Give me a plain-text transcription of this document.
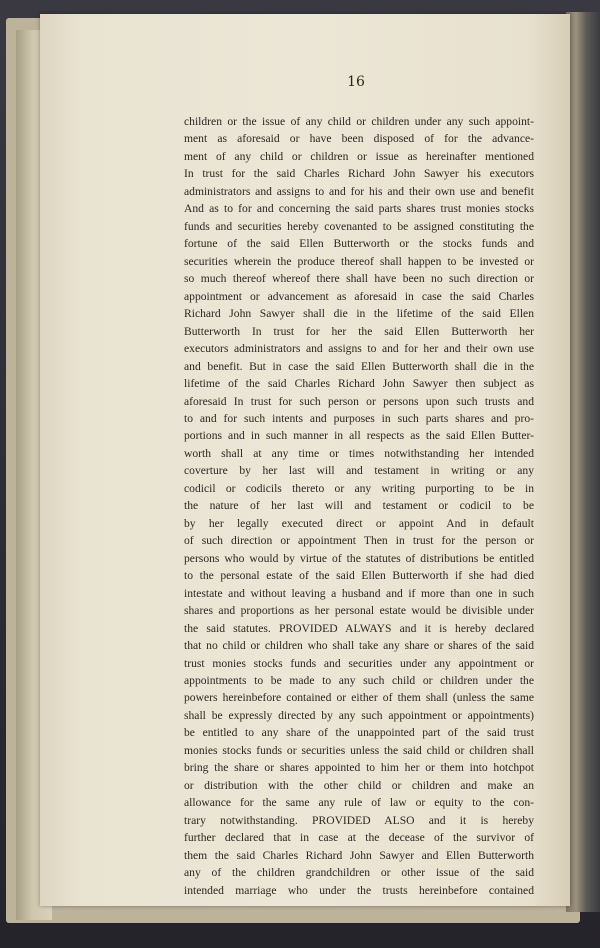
16
children or the issue of any child or children under any such appoint-
ment as aforesaid or have been disposed of for the advance-
ment of any child or children or issue as hereinafter mentioned
In trust for the said Charles Richard John Sawyer his executors
administrators and assigns to and for his and their own use and benefit
And as to for and concerning the said parts shares trust monies stocks
funds and securities hereby covenanted to be assigned constituting the
fortune of the said Ellen Butterworth or the stocks funds and
securities wherein the produce thereof shall happen to be invested or
so much thereof whereof there shall have been no such direction or
appointment or advancement as aforesaid in case the said Charles
Richard John Sawyer shall die in the lifetime of the said Ellen
Butterworth In trust for her the said Ellen Butterworth her
executors administrators and assigns to and for her and their own use
and benefit. But in case the said Ellen Butterworth shall die in the
lifetime of the said Charles Richard John Sawyer then subject as
aforesaid In trust for such person or persons upon such trusts and
to and for such intents and purposes in such parts shares and pro-
portions and in such manner in all respects as the said Ellen Butter-
worth shall at any time or times notwithstanding her intended
coverture by her last will and testament in writing or any
codicil or codicils thereto or any writing purporting to be in
the nature of her last will and testament or codicil to be
by her legally executed direct or appoint And in default
of such direction or appointment Then in trust for the person or
persons who would by virtue of the statutes of distributions be entitled
to the personal estate of the said Ellen Butterworth if she had died
intestate and without leaving a husband and if more than one in such
shares and proportions as her personal estate would be divisible under
the said statutes. PROVIDED ALWAYS and it is hereby declared
that no child or children who shall take any share or shares of the said
trust monies stocks funds and securities under any appointment or
appointments to be made to any such child or children under the
powers hereinbefore contained or either of them shall (unless the same
shall be expressly directed by any such appointment or appointments)
be entitled to any share of the unappointed part of the said trust
monies stocks funds or securities unless the said child or children shall
bring the share or shares appointed to him her or them into hotchpot
or distribution with the other child or children and make an
allowance for the same any rule of law or equity to the con-
trary notwithstanding. PROVIDED ALSO and it is hereby
further declared that in case at the decease of the survivor of
them the said Charles Richard John Sawyer and Ellen Butterworth
any of the children grandchildren or other issue of the said
intended marriage who under the trusts hereinbefore contained
